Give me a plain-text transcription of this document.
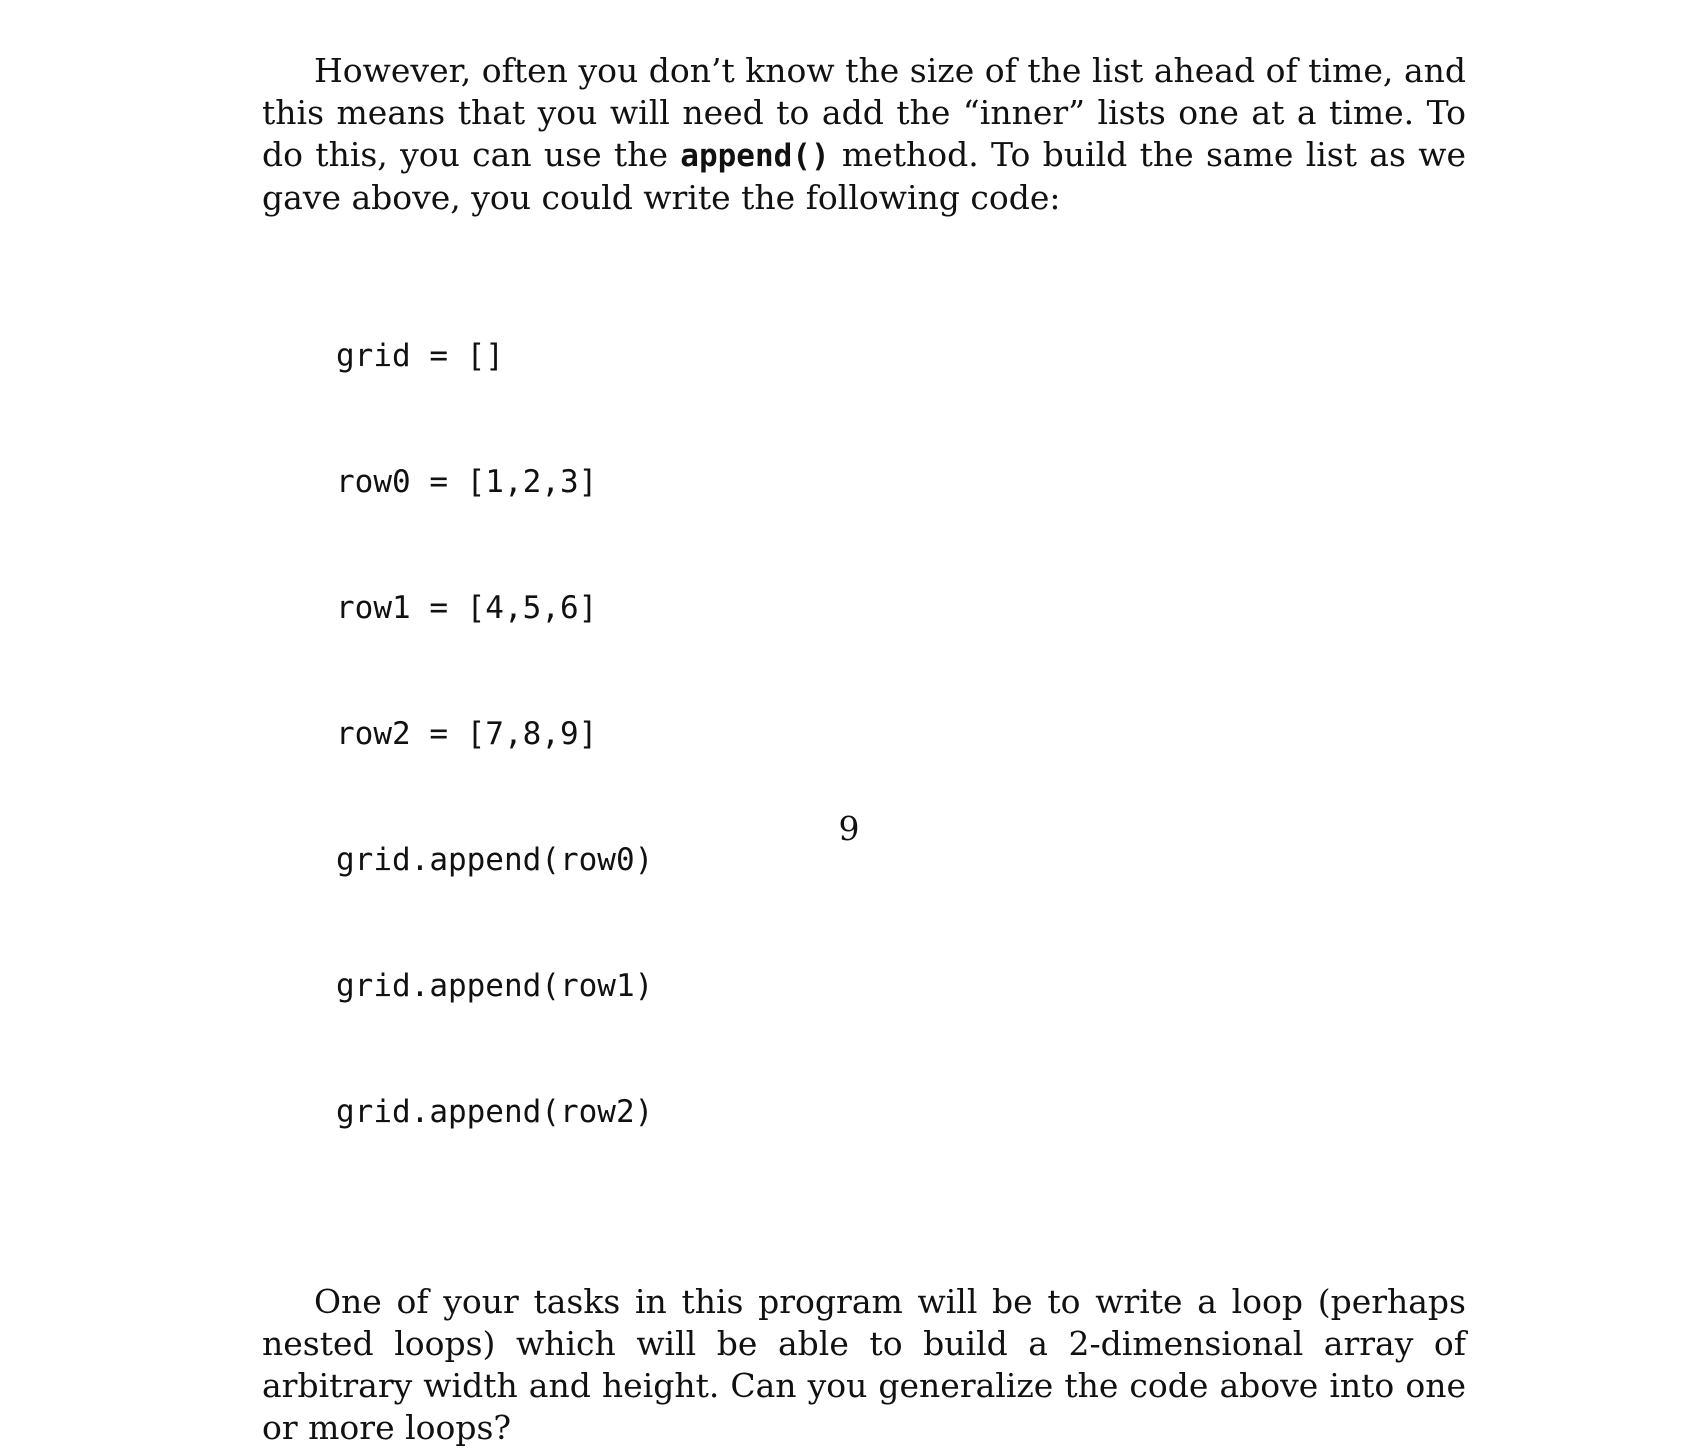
However, often you don’t know the size of the list ahead of time, and this means that you will need to add the “inner” lists one at a time. To do this, you can use the append() method. To build the same list as we gave above, you could write the following code:

grid = []

row0 = [1,2,3]

row1 = [4,5,6]

row2 = [7,8,9]

grid.append(row0)

grid.append(row1)

grid.append(row2)

One of your tasks in this program will be to write a loop (perhaps nested loops) which will be able to build a 2-dimensional array of arbitrary width and height. Can you generalize the code above into one or more loops?

9
